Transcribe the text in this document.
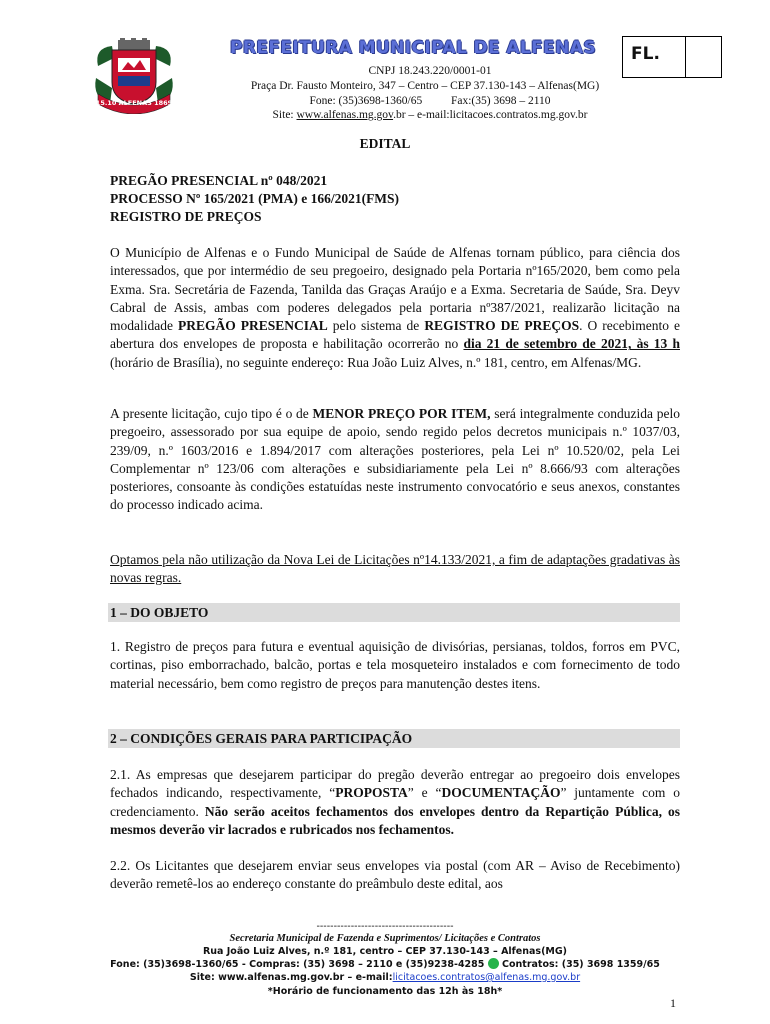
15.10 ALFENAS 1869
PREFEITURA MUNICIPAL DE ALFENAS
CNPJ 18.243.220/0001-01
Praça Dr. Fausto Monteiro, 347 – Centro – CEP 37.130-143 – Alfenas(MG)
Fone: (35)3698-1360/65          Fax:(35) 3698 – 2110
Site: www.alfenas.mg.gov.br – e-mail:licitacoes.contratos.mg.gov.br
FL.
EDITAL

PREGÃO PRESENCIAL nº 048/2021

PROCESSO Nº 165/2021 (PMA) e 166/2021(FMS)

REGISTRO DE PREÇOS

O Município de Alfenas e o Fundo Municipal de Saúde de Alfenas tornam público, para ciência dos interessados, que por intermédio de seu pregoeiro, designado pela Portaria nº165/2020, bem como pela Exma. Sra. Secretária de Fazenda, Tanilda das Graças Araújo e a Exma. Secretaria de Saúde, Sra. Deyv Cabral de Assis, ambas com poderes delegados pela portaria nº387/2021, realizarão licitação na modalidade PREGÃO PRESENCIAL pelo sistema de REGISTRO DE PREÇOS. O recebimento e abertura dos envelopes de proposta e habilitação ocorrerão no dia 21 de setembro de 2021, às 13 h (horário de Brasília), no seguinte endereço: Rua João Luiz Alves, n.º 181, centro, em Alfenas/MG.

A presente licitação, cujo tipo é o de MENOR PREÇO POR ITEM, será integralmente conduzida pelo pregoeiro, assessorado por sua equipe de apoio, sendo regido pelos decretos municipais n.º 1037/03, 239/09, n.º 1603/2016 e 1.894/2017 com alterações posteriores, pela Lei nº 10.520/02, pela Lei Complementar nº 123/06 com alterações e subsidiariamente pela Lei nº 8.666/93 com alterações posteriores, consoante às condições estatuídas neste instrumento convocatório e seus anexos, constantes do processo indicado acima.

Optamos pela não utilização da Nova Lei de Licitações nº14.133/2021, a fim de adaptações gradativas às novas regras.
1 – DO OBJETO
1. Registro de preços para futura e eventual aquisição de divisórias, persianas, toldos, forros em PVC, cortinas, piso emborrachado, balcão, portas e tela mosqueteiro instalados e com fornecimento de todo material necessário, bem como registro de preços para manutenção destes itens.
2 – CONDIÇÕES GERAIS PARA PARTICIPAÇÃO

2.1. As empresas que desejarem participar do pregão deverão entregar ao pregoeiro dois envelopes fechados indicando, respectivamente, “PROPOSTA” e “DOCUMENTAÇÃO” juntamente com o credenciamento. Não serão aceitos fechamentos dos envelopes dentro da Repartição Pública, os mesmos deverão vir lacrados e rubricados nos fechamentos.

2.2. Os Licitantes que desejarem enviar seus envelopes via postal (com AR – Aviso de Recebimento) deverão remetê-los ao endereço constante do preâmbulo deste edital, aos
----------------------------------------
Secretaria Municipal de Fazenda e Suprimentos/ Licitações e Contratos
Rua João Luiz Alves, n.º 181, centro – CEP 37.130-143 – Alfenas(MG)
Fone: (35)3698-1360/65 - Compras: (35) 3698 – 2110 e (35)9238-4285  Contratos: (35) 3698 1359/65
Site: www.alfenas.mg.gov.br – e-mail:licitacoes.contratos@alfenas.mg.gov.br
*Horário de funcionamento das 12h às 18h*
1
